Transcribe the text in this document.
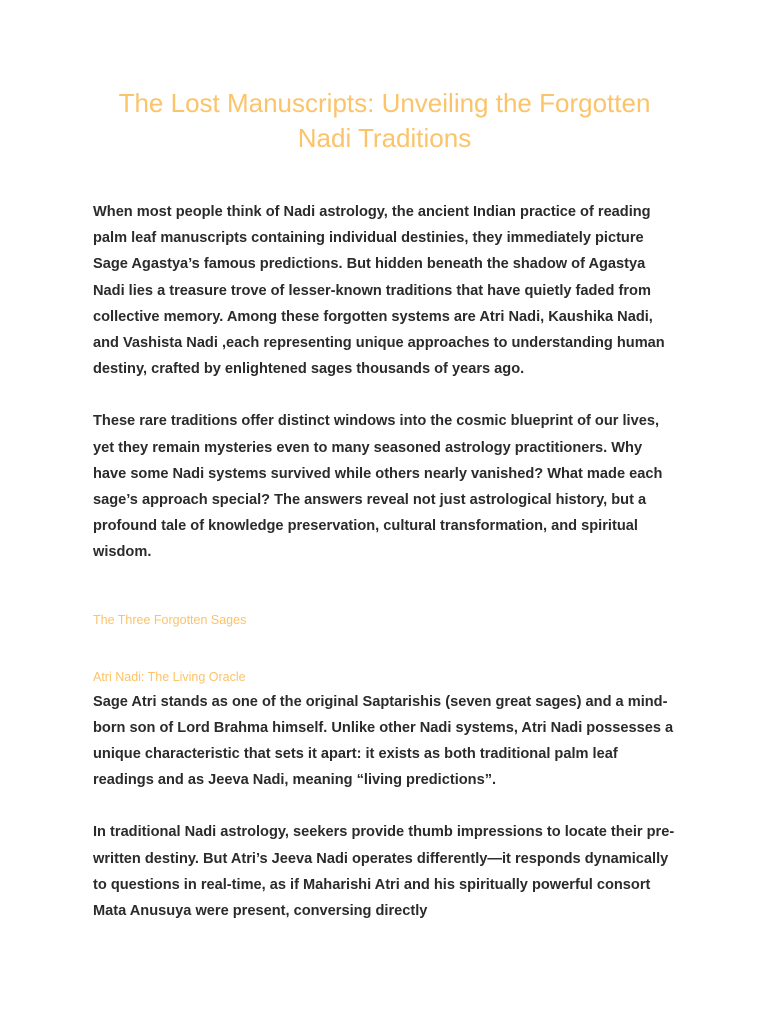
The Lost Manuscripts: Unveiling the Forgotten Nadi Traditions

When most people think of Nadi astrology, the ancient Indian practice of reading palm leaf manuscripts containing individual destinies, they immediately picture Sage Agastya’s famous predictions. But hidden beneath the shadow of Agastya Nadi lies a treasure trove of lesser-known traditions that have quietly faded from collective memory. Among these forgotten systems are Atri Nadi, Kaushika Nadi, and Vashista Nadi ,each representing unique approaches to understanding human destiny, crafted by enlightened sages thousands of years ago.

These rare traditions offer distinct windows into the cosmic blueprint of our lives, yet they remain mysteries even to many seasoned astrology practitioners. Why have some Nadi systems survived while others nearly vanished? What made each sage’s approach special? The answers reveal not just astrological history, but a profound tale of knowledge preservation, cultural transformation, and spiritual wisdom.

The Three Forgotten Sages
Atri Nadi: The Living Oracle

Sage Atri stands as one of the original Saptarishis (seven great sages) and a mind-born son of Lord Brahma himself. Unlike other Nadi systems, Atri Nadi possesses a unique characteristic that sets it apart: it exists as both traditional palm leaf readings and as Jeeva Nadi, meaning “living predictions”.

In traditional Nadi astrology, seekers provide thumb impressions to locate their pre-written destiny. But Atri’s Jeeva Nadi operates differently—it responds dynamically to questions in real-time, as if Maharishi Atri and his spiritually powerful consort Mata Anusuya were present, conversing directly
